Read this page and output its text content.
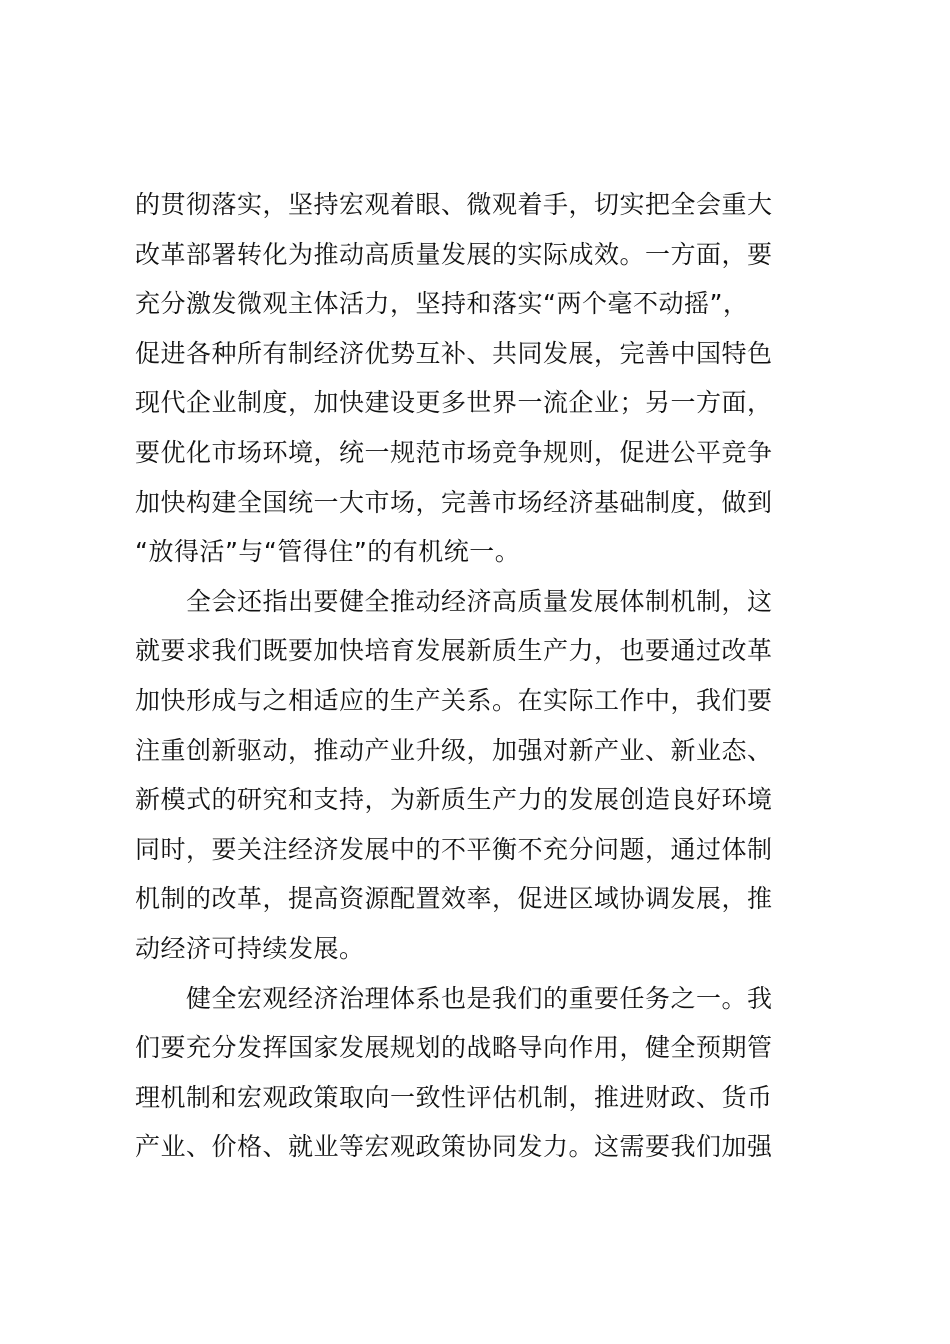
的贯彻落实，坚持宏观着眼、微观着手，切实把全会重大
改革部署转化为推动高质量发展的实际成效。一方面，要
充分激发微观主体活力，坚持和落实“两个毫不动摇”，
促进各种所有制经济优势互补、共同发展，完善中国特色
现代企业制度，加快建设更多世界一流企业；另一方面，
要优化市场环境，统一规范市场竞争规则，促进公平竞争
加快构建全国统一大市场，完善市场经济基础制度，做到
“放得活”与“管得住”的有机统一。
　　全会还指出要健全推动经济高质量发展体制机制，这
就要求我们既要加快培育发展新质生产力，也要通过改革
加快形成与之相适应的生产关系。在实际工作中，我们要
注重创新驱动，推动产业升级，加强对新产业、新业态、
新模式的研究和支持，为新质生产力的发展创造良好环境
同时，要关注经济发展中的不平衡不充分问题，通过体制
机制的改革，提高资源配置效率，促进区域协调发展，推
动经济可持续发展。
　　健全宏观经济治理体系也是我们的重要任务之一。我
们要充分发挥国家发展规划的战略导向作用，健全预期管
理机制和宏观政策取向一致性评估机制，推进财政、货币
产业、价格、就业等宏观政策协同发力。这需要我们加强
